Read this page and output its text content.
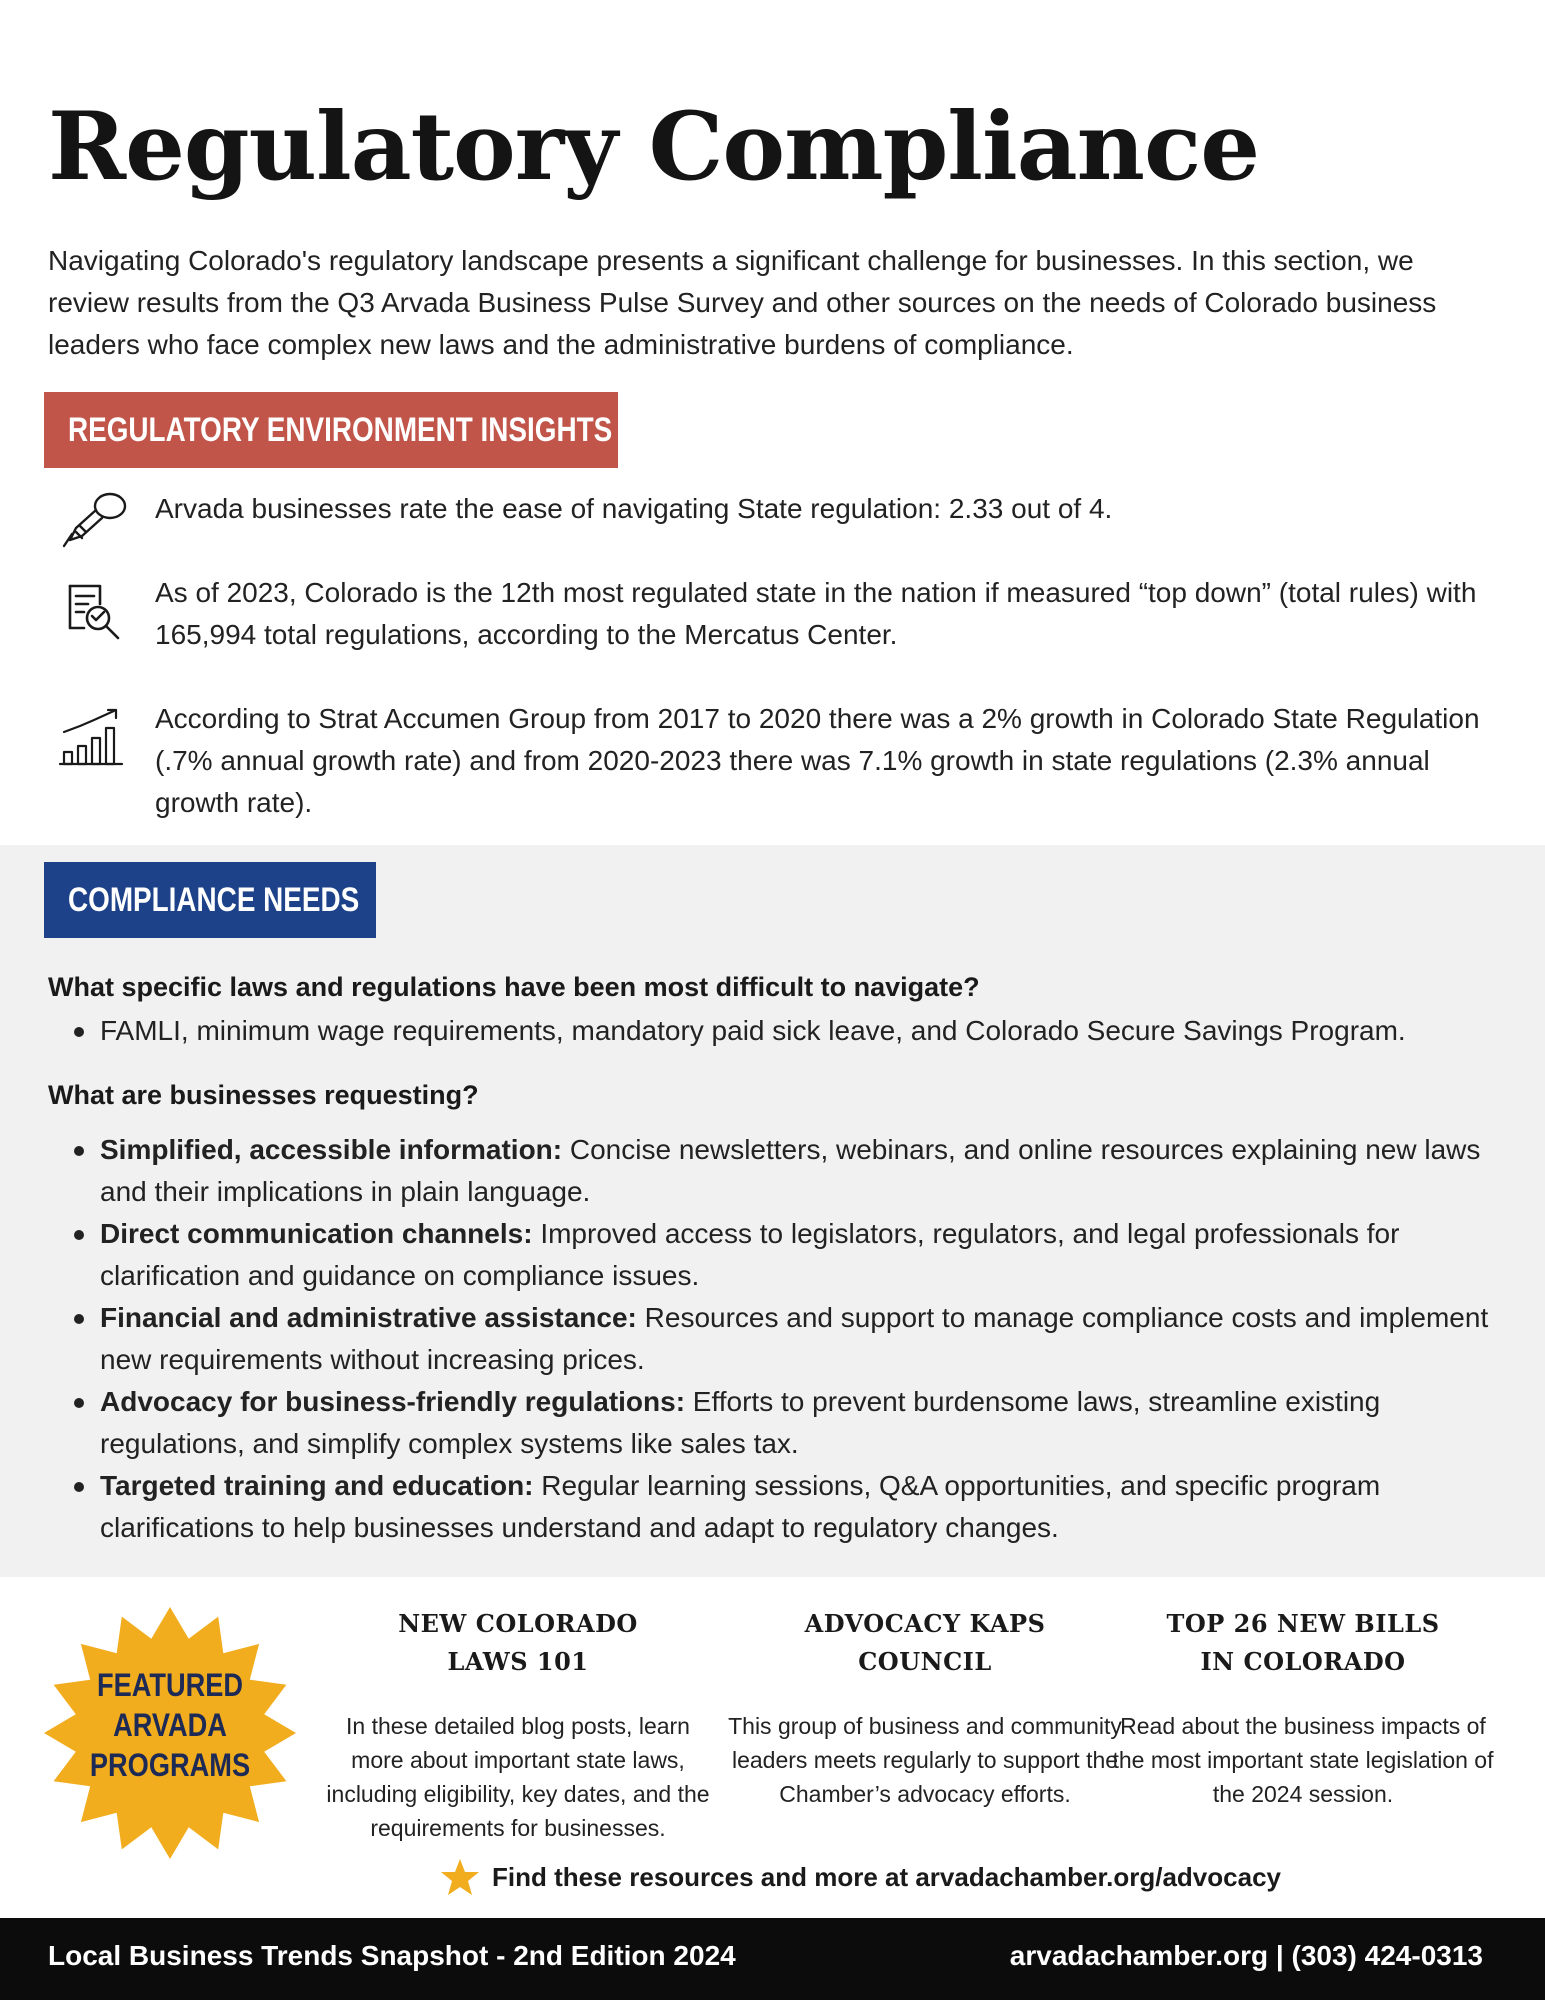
Regulatory Compliance

Navigating Colorado's regulatory landscape presents a significant challenge for businesses. In this section, we review results from the Q3 Arvada Business Pulse Survey and other sources on the needs of Colorado business leaders who face complex new laws and the administrative burdens of compliance.

REGULATORY ENVIRONMENT INSIGHTS
Arvada businesses rate the ease of navigating State regulation: 2.33 out of 4.
As of 2023, Colorado is the 12th most regulated state in the nation if measured “top down” (total rules) with 165,994 total regulations, according to the Mercatus Center.
According to Strat Accumen Group from 2017 to 2020 there was a 2% growth in Colorado State Regulation (.7% annual growth rate) and from 2020-2023 there was 7.1% growth in state regulations (2.3% annual growth rate).
COMPLIANCE NEEDS
What specific laws and regulations have been most difficult to navigate?
FAMLI, minimum wage requirements, mandatory paid sick leave, and Colorado Secure Savings Program.
What are businesses requesting?
Simplified, accessible information: Concise newsletters, webinars, and online resources explaining new laws and their implications in plain language.
Direct communication channels: Improved access to legislators, regulators, and legal professionals for clarification and guidance on compliance issues.
Financial and administrative assistance: Resources and support to manage compliance costs and implement new requirements without increasing prices.
Advocacy for business-friendly regulations: Efforts to prevent burdensome laws, streamline existing regulations, and simplify complex systems like sales tax.
Targeted training and education: Regular learning sessions, Q&A opportunities, and specific program clarifications to help businesses understand and adapt to regulatory changes.
FEATURED
ARVADA
PROGRAMS
NEW COLORADO
LAWS 101
In these detailed blog posts, learn more about important state laws, including eligibility, key dates, and the requirements for businesses.
ADVOCACY KAPS
COUNCIL
This group of business and community leaders meets regularly to support the Chamber’s advocacy efforts.
TOP 26 NEW BILLS
IN COLORADO
Read about the business impacts of the most important state legislation of the 2024 session.
Find these resources and more at arvadachamber.org/advocacy
Local Business Trends Snapshot - 2nd Edition 2024	arvadachamber.org | (303) 424-0313
